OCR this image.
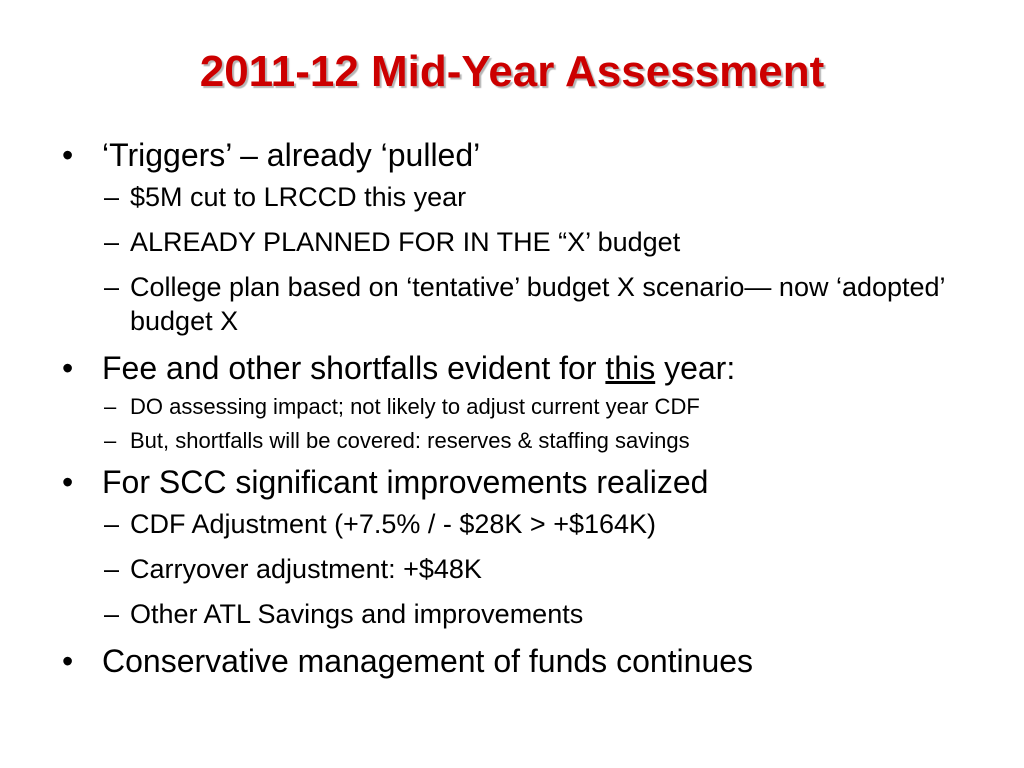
2011-12 Mid-Year Assessment
• ‘Triggers’ – already ‘pulled’
– $5M cut to LRCCD this year
– ALREADY PLANNED FOR IN THE “X’ budget
– College plan based on ‘tentative’ budget X scenario— now ‘adopted’ budget X
• Fee and other shortfalls evident for this year:
– DO assessing impact; not likely to adjust current year CDF
– But, shortfalls will be covered: reserves & staffing savings
• For SCC significant improvements realized
– CDF Adjustment (+7.5% / - $28K > +$164K)
– Carryover adjustment: +$48K
– Other ATL Savings and improvements
• Conservative management of funds continues
